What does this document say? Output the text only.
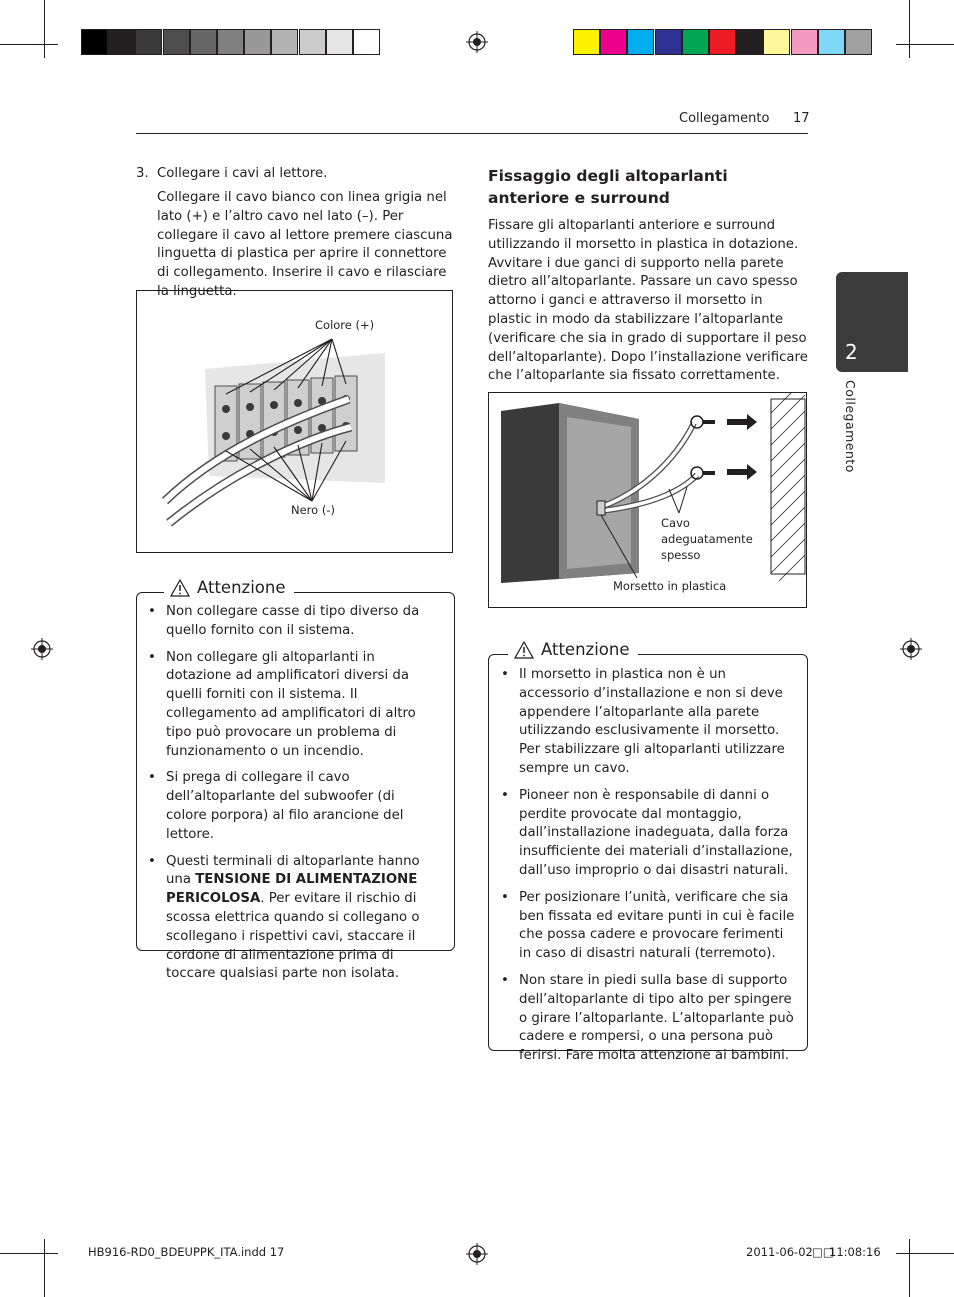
Collegamento 17
2
Collegamento
3. Collegare i cavi al lettore.
Collegare il cavo bianco con linea grigia nel lato (+) e l’altro cavo nel lato (–). Per collegare il cavo al lettore premere ciascuna linguetta di plastica per aprire il connettore di collegamento. Inserire il cavo e rilasciare la linguetta.
Colore (+)
Nero (-)
Attenzione
• Non collegare casse di tipo diverso da quello fornito con il sistema.
• Non collegare gli altoparlanti in dotazione ad amplificatori diversi da quelli forniti con il sistema. Il collegamento ad amplificatori di altro tipo può provocare un problema di funzionamento o un incendio.
• Si prega di collegare il cavo dell’altoparlante del subwoofer (di colore porpora) al filo arancione del lettore.
• Questi terminali di altoparlante hanno una TENSIONE DI ALIMENTAZIONE PERICOLOSA. Per evitare il rischio di scossa elettrica quando si collegano o scollegano i rispettivi cavi, staccare il cordone di alimentazione prima di toccare qualsiasi parte non isolata.
Fissaggio degli altoparlanti anteriore e surround
Fissare gli altoparlanti anteriore e surround utilizzando il morsetto in plastica in dotazione. Avvitare i due ganci di supporto nella parete dietro all’altoparlante. Passare un cavo spesso attorno i ganci e attraverso il morsetto in plastic in modo da stabilizzare l’altoparlante (verificare che sia in grado di supportare il peso dell’altoparlante). Dopo l’installazione verificare che l’altoparlante sia fissato correttamente.
Cavo adeguatamente spesso
Morsetto in plastica
Attenzione
• Il morsetto in plastica non è un accessorio d’installazione e non si deve appendere l’altoparlante alla parete utilizzando esclusivamente il morsetto. Per stabilizzare gli altoparlanti utilizzare sempre un cavo.
• Pioneer non è responsabile di danni o perdite provocate dal montaggio, dall’installazione inadeguata, dalla forza insufficiente dei materiali d’installazione, dall’uso improprio o dai disastri naturali.
• Per posizionare l’unità, verificare che sia ben fissata ed evitare punti in cui è facile che possa cadere e provocare ferimenti in caso di disastri naturali (terremoto).
• Non stare in piedi sulla base di supporto dell’altoparlante di tipo alto per spingere o girare l’altoparlante. L’altoparlante può cadere e rompersi, o una persona può ferirsi. Fare molta attenzione ai bambini.
HB916-RD0_BDEUPPK_ITA.indd 17	2011-06-02 □□
11:08:16
